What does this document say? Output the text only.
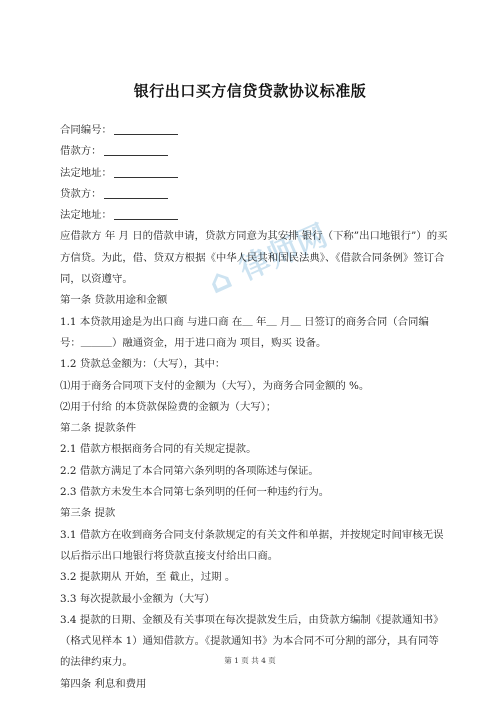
银行出口买方信贷贷款协议标准版
⌂ 律师网

合同编号：

借款方：

法定地址：

贷款方：

法定地址：

应借款方 年 月 日的借款申请，贷款方同意为其安排 银行（下称”出口地银行”）的买方信贷。为此，借、贷双方根据《中华人民共和国民法典》、《借款合同条例》签订合同，以资遵守。

第一条 贷款用途和金额

1.1 本贷款用途是为出口商 与进口商 在＿ 年＿ 月＿ 日签订的商务合同（合同编号：＿＿＿）融通资金，用于进口商为 项目，购买 设备。

1.2 贷款总金额为：（大写），其中：

⑴用于商务合同项下支付的金额为（大写），为商务合同金额的 %。

⑵用于付给 的本贷款保险费的金额为（大写）；

第二条 提款条件

2.1 借款方根据商务合同的有关规定提款。

2.2 借款方满足了本合同第六条列明的各项陈述与保证。

2.3 借款方未发生本合同第七条列明的任何一种违约行为。

第三条 提款

3.1 借款方在收到商务合同支付条款规定的有关文件和单据，并按规定时间审核无误以后指示出口地银行将贷款直接支付给出口商。

3.2 提款期从 开始，至 截止，过期 。

3.3 每次提款最小金额为（大写）

3.4 提款的日期、金额及有关事项在每次提款发生后，由贷款方编制《提款通知书》（格式见样本 1）通知借款方。《提款通知书》为本合同不可分割的部分，具有同等的法律约束力。

第四条 利息和费用

第 1 页 共 4 页
